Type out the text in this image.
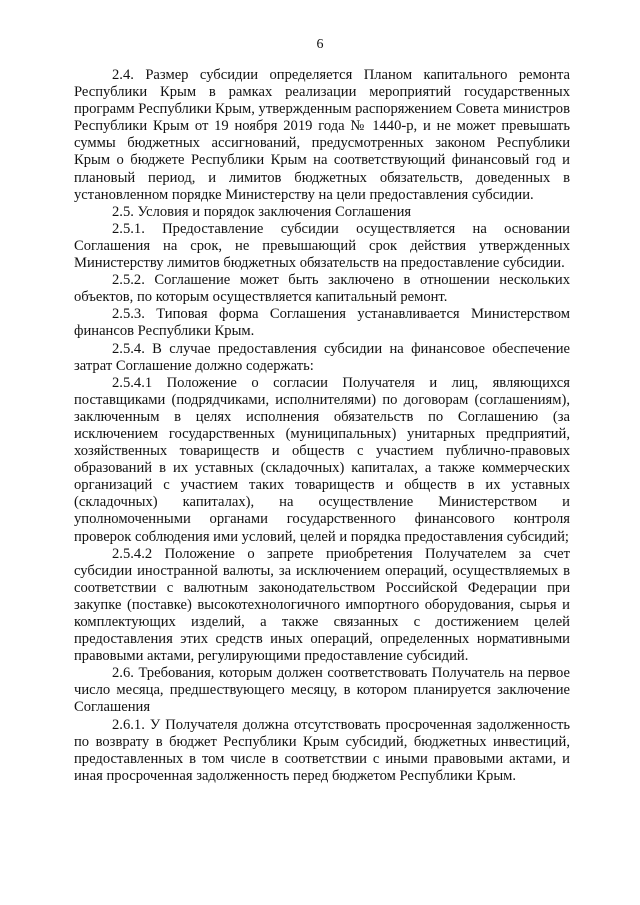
6

2.4. Размер субсидии определяется Планом капитального ремонта Республики Крым в рамках реализации мероприятий государственных программ Республики Крым, утвержденным распоряжением Совета министров Республики Крым от 19 ноября 2019 года № 1440-р, и не может превышать суммы бюджетных ассигнований, предусмотренных законом Республики Крым о бюджете Республики Крым на соответствующий финансовый год и плановый период, и лимитов бюджетных обязательств, доведенных в установленном порядке Министерству на цели предоставления субсидии.

2.5. Условия и порядок заключения Соглашения

2.5.1. Предоставление субсидии осуществляется на основании Соглашения на срок, не превышающий срок действия утвержденных Министерству лимитов бюджетных обязательств на предоставление субсидии.

2.5.2. Соглашение может быть заключено в отношении нескольких объектов, по которым осуществляется капитальный ремонт.

2.5.3. Типовая форма Соглашения устанавливается Министерством финансов Республики Крым.

2.5.4. В случае предоставления субсидии на финансовое обеспечение затрат Соглашение должно содержать:

2.5.4.1 Положение о согласии Получателя и лиц, являющихся поставщиками (подрядчиками, исполнителями) по договорам (соглашениям), заключенным в целях исполнения обязательств по Соглашению (за исключением государственных (муниципальных) унитарных предприятий, хозяйственных товариществ и обществ с участием публично-правовых образований в их уставных (складочных) капиталах, а также коммерческих организаций с участием таких товариществ и обществ в их уставных (складочных) капиталах), на осуществление Министерством и уполномоченными органами государственного финансового контроля проверок соблюдения ими условий, целей и порядка предоставления субсидий;

2.5.4.2 Положение о запрете приобретения Получателем за счет субсидии иностранной валюты, за исключением операций, осуществляемых в соответствии с валютным законодательством Российской Федерации при закупке (поставке) высокотехнологичного импортного оборудования, сырья и комплектующих изделий, а также связанных с достижением целей предоставления этих средств иных операций, определенных нормативными правовыми актами, регулирующими предоставление субсидий.

2.6. Требования, которым должен соответствовать Получатель на первое число месяца, предшествующего месяцу, в котором планируется заключение Соглашения

2.6.1. У Получателя должна отсутствовать просроченная задолженность по возврату в бюджет Республики Крым субсидий, бюджетных инвестиций, предоставленных в том числе в соответствии с иными правовыми актами, и иная просроченная задолженность перед бюджетом Республики Крым.
